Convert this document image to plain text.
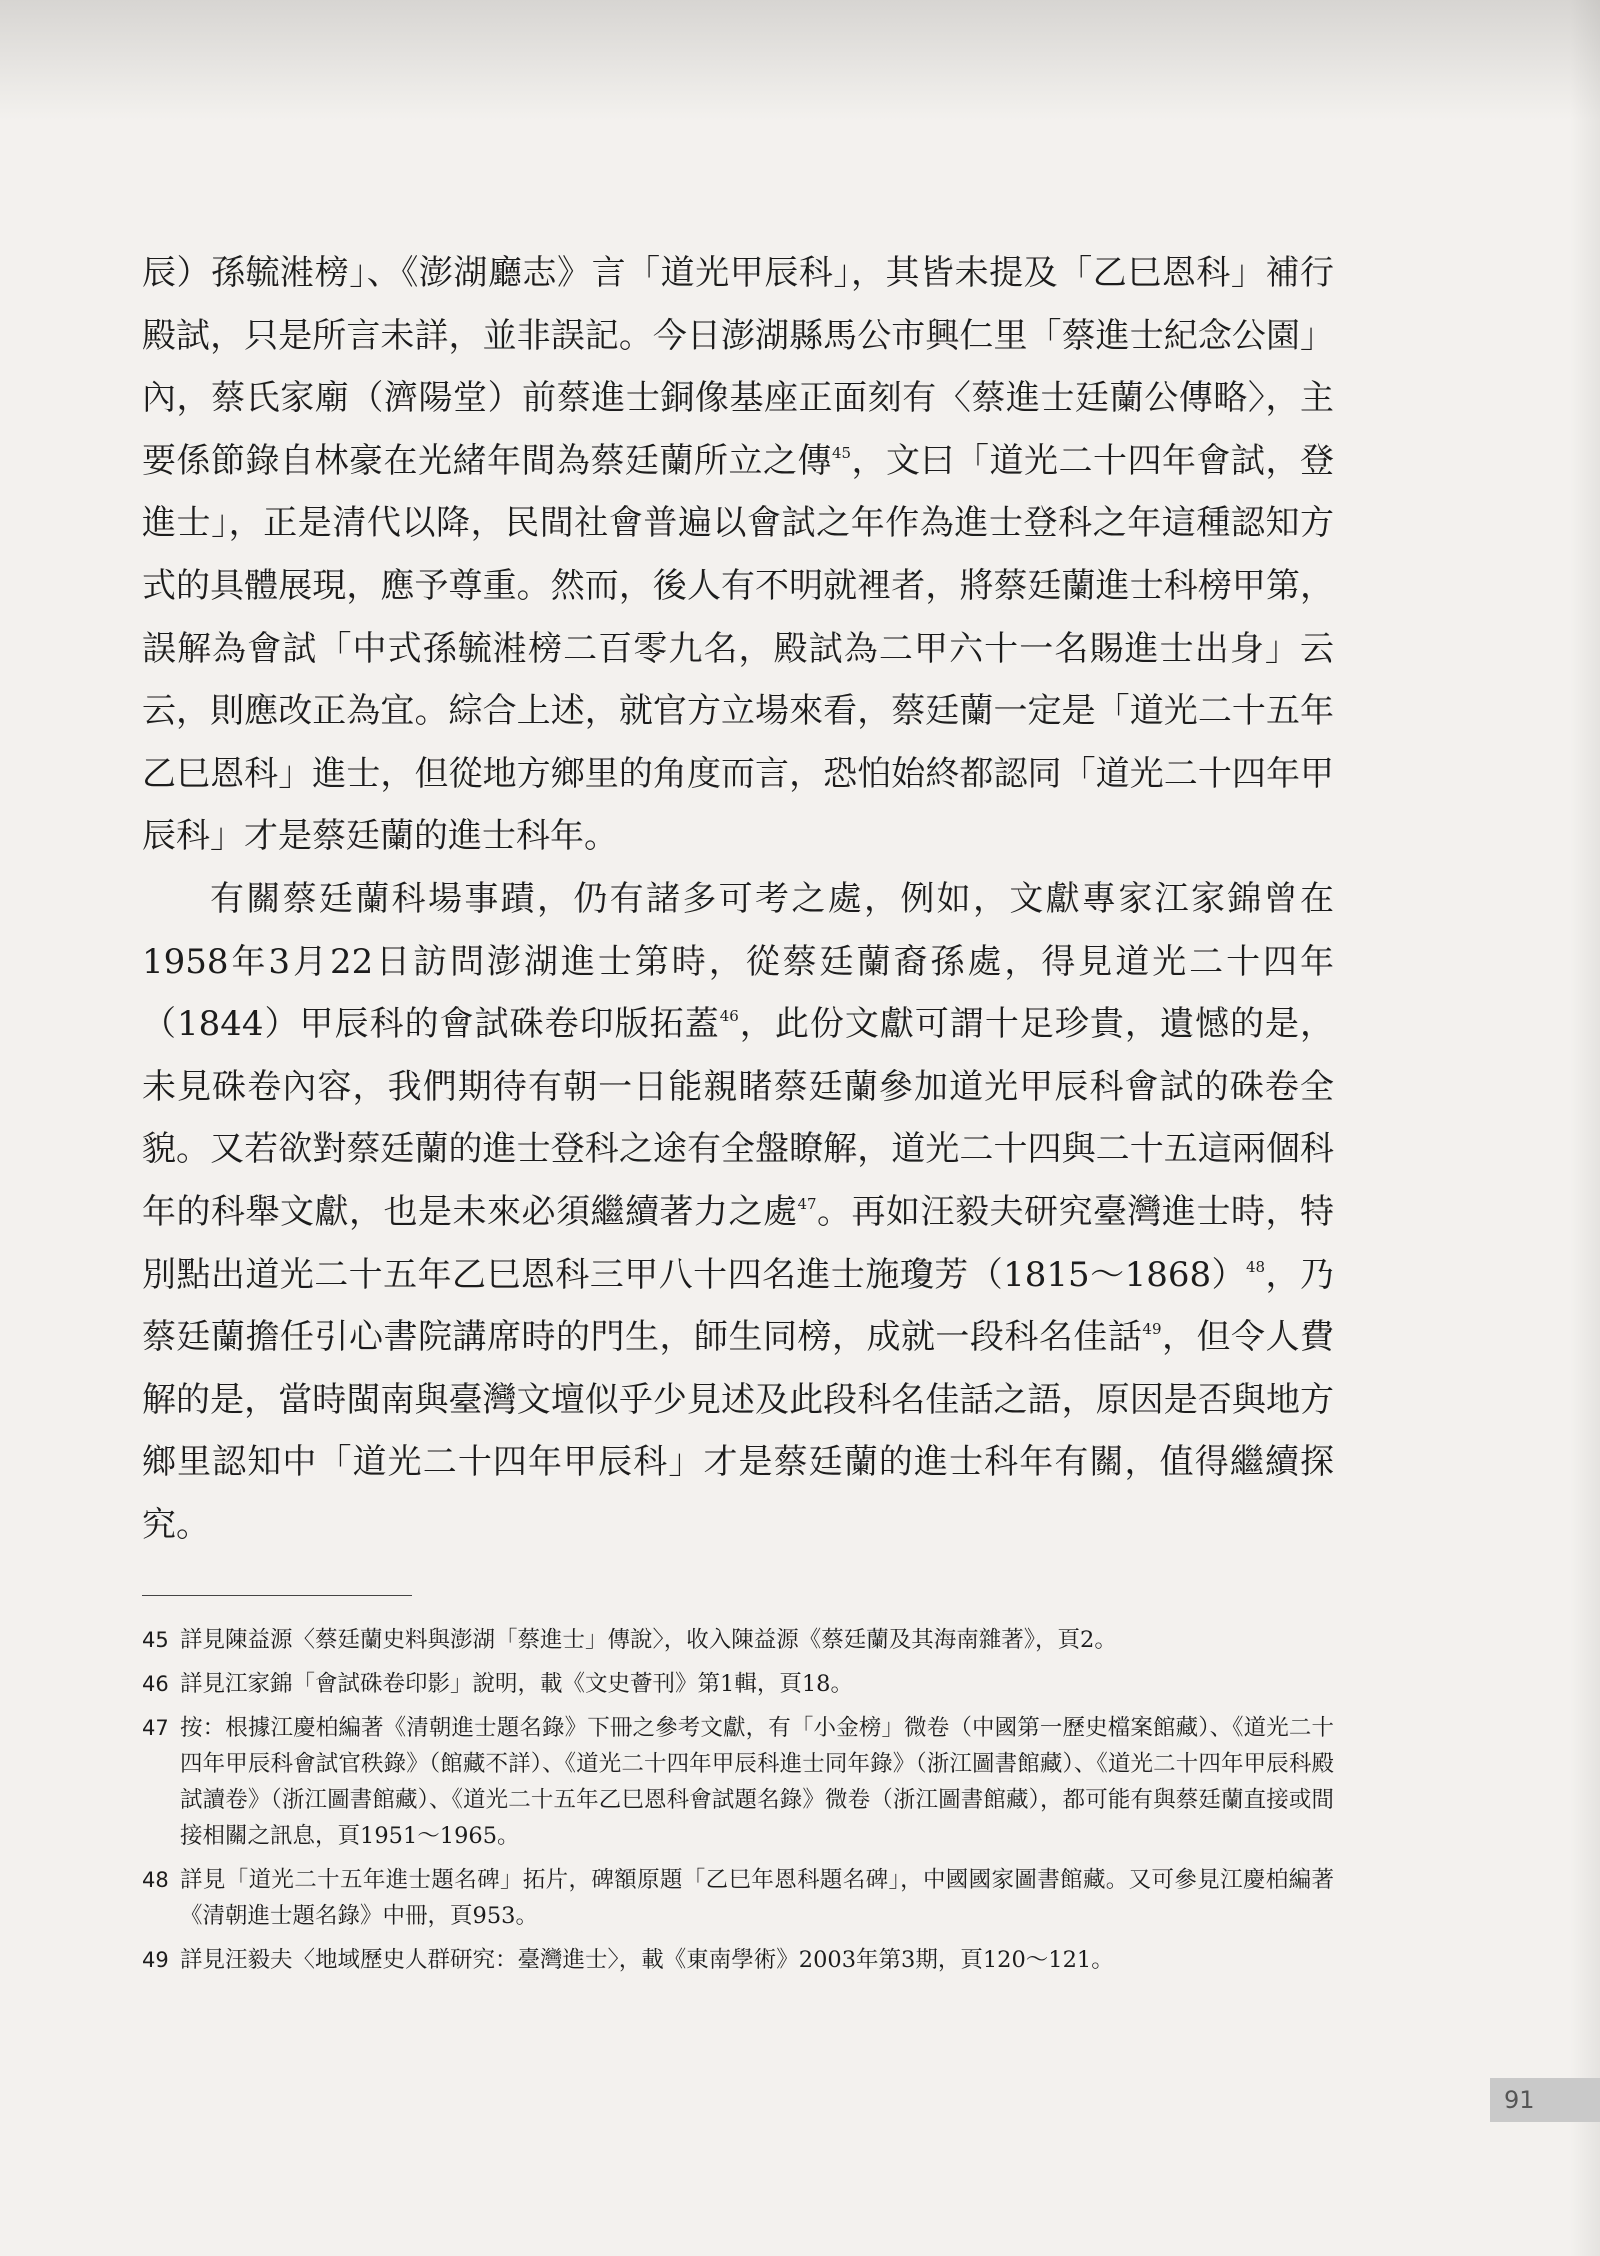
辰）孫毓溎榜」、《澎湖廳志》言「道光甲辰科」，其皆未提及「乙巳恩科」補行殿試，只是所言未詳，並非誤記。今日澎湖縣馬公市興仁里「蔡進士紀念公園」內，蔡氏家廟（濟陽堂）前蔡進士銅像基座正面刻有〈蔡進士廷蘭公傳略〉，主要係節錄自林豪在光緒年間為蔡廷蘭所立之傳$^{45}$，文曰「道光二十四年會試，登進士」，正是清代以降，民間社會普遍以會試之年作為進士登科之年這種認知方式的具體展現，應予尊重。然而，後人有不明就裡者，將蔡廷蘭進士科榜甲第，誤解為會試「中式孫毓溎榜二百零九名，殿試為二甲六十一名賜進士出身」云云，則應改正為宜。綜合上述，就官方立場來看，蔡廷蘭一定是「道光二十五年乙巳恩科」進士，但從地方鄉里的角度而言，恐怕始終都認同「道光二十四年甲辰科」才是蔡廷蘭的進士科年。

有關蔡廷蘭科場事蹟，仍有諸多可考之處，例如，文獻專家江家錦曾在1958年3月22日訪問澎湖進士第時，從蔡廷蘭裔孫處，得見道光二十四年（1844）甲辰科的會試硃卷印版拓蓋$^{46}$，此份文獻可謂十足珍貴，遺憾的是，未見硃卷內容，我們期待有朝一日能親睹蔡廷蘭參加道光甲辰科會試的硃卷全貌。又若欲對蔡廷蘭的進士登科之途有全盤瞭解，道光二十四與二十五這兩個科年的科舉文獻，也是未來必須繼續著力之處$^{47}$。再如汪毅夫研究臺灣進士時，特別點出道光二十五年乙巳恩科三甲八十四名進士施瓊芳（1815～1868）$^{48}$，乃蔡廷蘭擔任引心書院講席時的門生，師生同榜，成就一段科名佳話$^{49}$，但令人費解的是，當時閩南與臺灣文壇似乎少見述及此段科名佳話之語，原因是否與地方鄉里認知中「道光二十四年甲辰科」才是蔡廷蘭的進士科年有關，值得繼續探究。

45 詳見陳益源〈蔡廷蘭史料與澎湖「蔡進士」傳說〉，收入陳益源《蔡廷蘭及其海南雜著》，頁2。
46 詳見江家錦「會試硃卷印影」說明，載《文史薈刊》第1輯，頁18。
47 按：根據江慶柏編著《清朝進士題名錄》下冊之參考文獻，有「小金榜」微卷（中國第一歷史檔案館藏）、《道光二十四年甲辰科會試官秩錄》（館藏不詳）、《道光二十四年甲辰科進士同年錄》（浙江圖書館藏）、《道光二十四年甲辰科殿試讀卷》（浙江圖書館藏）、《道光二十五年乙巳恩科會試題名錄》微卷（浙江圖書館藏），都可能有與蔡廷蘭直接或間接相關之訊息，頁1951～1965。
48 詳見「道光二十五年進士題名碑」拓片，碑額原題「乙巳年恩科題名碑」，中國國家圖書館藏。又可參見江慶柏編著《清朝進士題名錄》中冊，頁953。
49 詳見汪毅夫〈地域歷史人群研究：臺灣進士〉，載《東南學術》2003年第3期，頁120～121。
91
